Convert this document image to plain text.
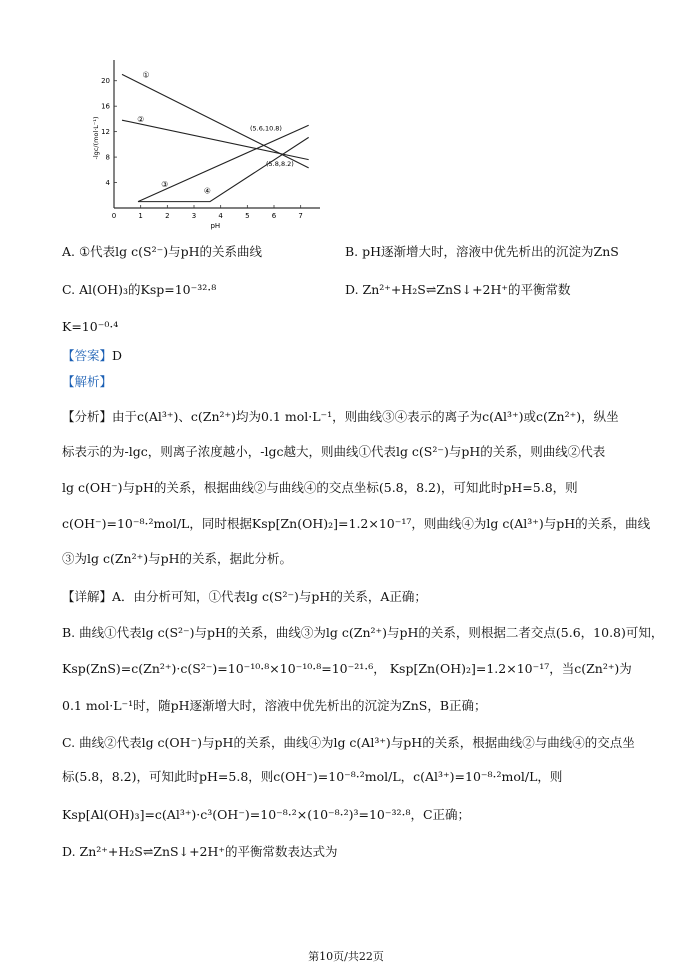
0	1	2	3	4	5	6	7
20
16
12
8
4
pH
-lgc/(mol·L⁻¹)
①
②
③
④
(5.6,10.8)
(5.8,8.2)
A. ①代表lg c(S²⁻)与pH的关系曲线	B. pH逐渐增大时，溶液中优先析出的沉淀为ZnS
C. Al(OH)₃的Ksp=10⁻³²·⁸	D. Zn²⁺+H₂S⇌ZnS↓+2H⁺的平衡常数
K=10⁻⁰·⁴
【答案】D
【解析】
【分析】由于c(Al³⁺)、c(Zn²⁺)均为0.1 mol·L⁻¹，则曲线③④表示的离子为c(Al³⁺)或c(Zn²⁺)，纵坐
标表示的为-lgc，则离子浓度越小，-lgc越大，则曲线①代表lg c(S²⁻)与pH的关系，则曲线②代表
lg c(OH⁻)与pH的关系，根据曲线②与曲线④的交点坐标(5.8，8.2)，可知此时pH=5.8，则
c(OH⁻)=10⁻⁸·²mol/L，同时根据Ksp[Zn(OH)₂]=1.2×10⁻¹⁷，则曲线④为lg c(Al³⁺)与pH的关系，曲线
③为lg c(Zn²⁺)与pH的关系，据此分析。
【详解】A．由分析可知，①代表lg c(S²⁻)与pH的关系，A正确；
B. 曲线①代表lg c(S²⁻)与pH的关系，曲线③为lg c(Zn²⁺)与pH的关系，则根据二者交点(5.6，10.8)可知，
Ksp(ZnS)=c(Zn²⁺)·c(S²⁻)=10⁻¹⁰·⁸×10⁻¹⁰·⁸=10⁻²¹·⁶， Ksp[Zn(OH)₂]=1.2×10⁻¹⁷，当c(Zn²⁺)为
0.1 mol·L⁻¹时，随pH逐渐增大时，溶液中优先析出的沉淀为ZnS，B正确；
C. 曲线②代表lg c(OH⁻)与pH的关系，曲线④为lg c(Al³⁺)与pH的关系，根据曲线②与曲线④的交点坐
标(5.8，8.2)，可知此时pH=5.8，则c(OH⁻)=10⁻⁸·²mol/L，c(Al³⁺)=10⁻⁸·²mol/L，则
Ksp[Al(OH)₃]=c(Al³⁺)·c³(OH⁻)=10⁻⁸·²×(10⁻⁸·²)³=10⁻³²·⁸，C正确；
D. Zn²⁺+H₂S⇌ZnS↓+2H⁺的平衡常数表达式为
第10页/共22页
